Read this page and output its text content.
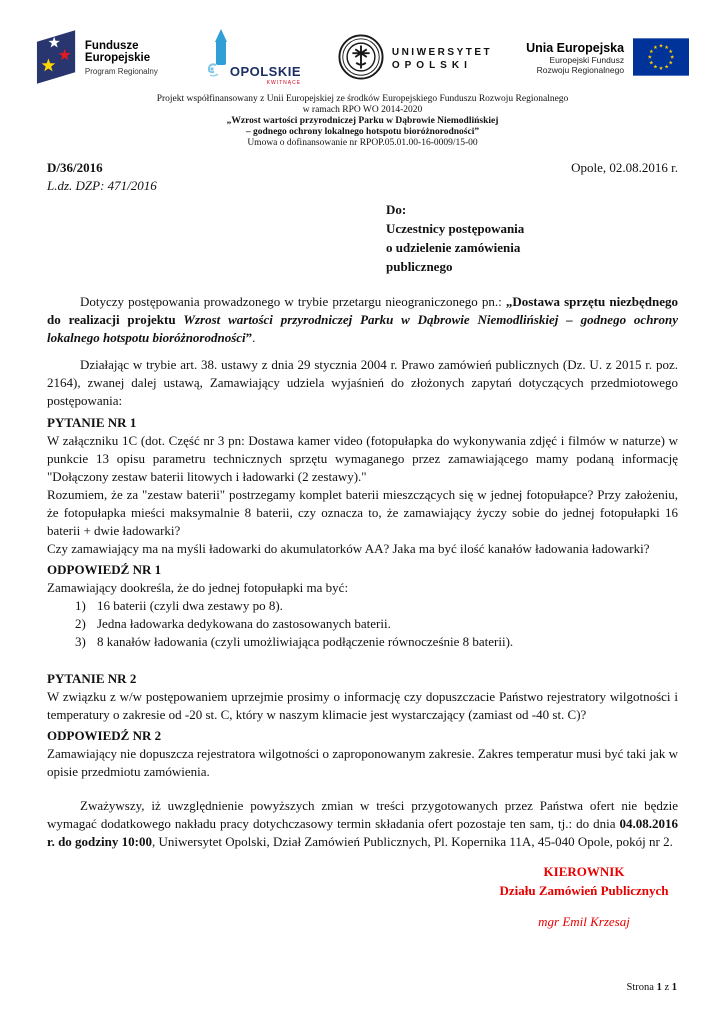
Fundusze
Europejskie
Program Regionalny	OPOLSKIE
KWITNĄCE
UNIWERSYTET
OPOLSKI
Unia Europejska
Europejski Fundusz
Rozwoju Regionalnego
Projekt współfinansowany z Unii Europejskiej ze środków Europejskiego Funduszu Rozwoju Regionalnego
w ramach RPO WO 2014-2020
„Wzrost wartości przyrodniczej Parku w Dąbrowie Niemodlińskiej
– godnego ochrony lokalnego hotspotu bioróżnorodności”
Umowa o dofinansowanie nr RPOP.05.01.00-16-0009/15-00
D/36/2016	Opole, 02.08.2016 r.
L.dz. DZP: 471/2016
Do:
Uczestnicy postępowania
o udzielenie zamówienia
publicznego

Dotyczy postępowania prowadzonego w trybie przetargu nieograniczonego pn.: „Dostawa sprzętu niezbędnego do realizacji projektu Wzrost wartości przyrodniczej Parku w Dąbrowie Niemodlińskiej – godnego ochrony lokalnego hotspotu bioróżnorodności”.

Działając w trybie art. 38. ustawy z dnia 29 stycznia 2004 r. Prawo zamówień publicznych (Dz. U. z 2015 r. poz. 2164), zwanej dalej ustawą, Zamawiający udziela wyjaśnień do złożonych zapytań dotyczących przedmiotowego postępowania:

PYTANIE NR 1

W załączniku 1C (dot. Część nr 3 pn: Dostawa kamer video (fotopułapka do wykonywania zdjęć i filmów w naturze) w punkcie 13 opisu parametru technicznych sprzętu wymaganego przez zamawiającego mamy podaną informację "Dołączony zestaw baterii litowych i ładowarki (2 zestawy)."

Rozumiem, że za "zestaw baterii" postrzegamy komplet baterii mieszczących się w jednej fotopułapce? Przy założeniu, że fotopułapka mieści maksymalnie 8 baterii, czy oznacza to, że zamawiający życzy sobie do jednej fotopułapki 16 baterii + dwie ładowarki?

Czy zamawiający ma na myśli ładowarki do akumulatorków AA? Jaka ma być ilość kanałów ładowania ładowarki?

ODPOWIEDŹ NR 1

Zamawiający dookreśla, że do jednej fotopułapki ma być:

16 baterii (czyli dwa zestawy po 8).
Jedna ładowarka dedykowana do zastosowanych baterii.
8 kanałów ładowania (czyli umożliwiająca podłączenie równocześnie 8 baterii).
PYTANIE NR 2

W związku z w/w postępowaniem uprzejmie prosimy o informację czy dopuszczacie Państwo rejestratory wilgotności i temperatury o zakresie od -20 st. C, który w naszym klimacie jest wystarczający (zamiast od -40 st. C)?

ODPOWIEDŹ NR 2

Zamawiający nie dopuszcza rejestratora wilgotności o zaproponowanym zakresie. Zakres temperatur musi być taki jak w opisie przedmiotu zamówienia.

Zważywszy, iż uwzględnienie powyższych zmian w treści przygotowanych przez Państwa ofert nie będzie wymagać dodatkowego nakładu pracy dotychczasowy termin składania ofert pozostaje ten sam, tj.: do dnia 04.08.2016 r. do godziny 10:00, Uniwersytet Opolski, Dział Zamówień Publicznych, Pl. Kopernika 11A, 45-040 Opole, pokój nr 2.

KIEROWNIK
Działu Zamówień Publicznych
mgr Emil Krzesaj
Strona 1 z 1
